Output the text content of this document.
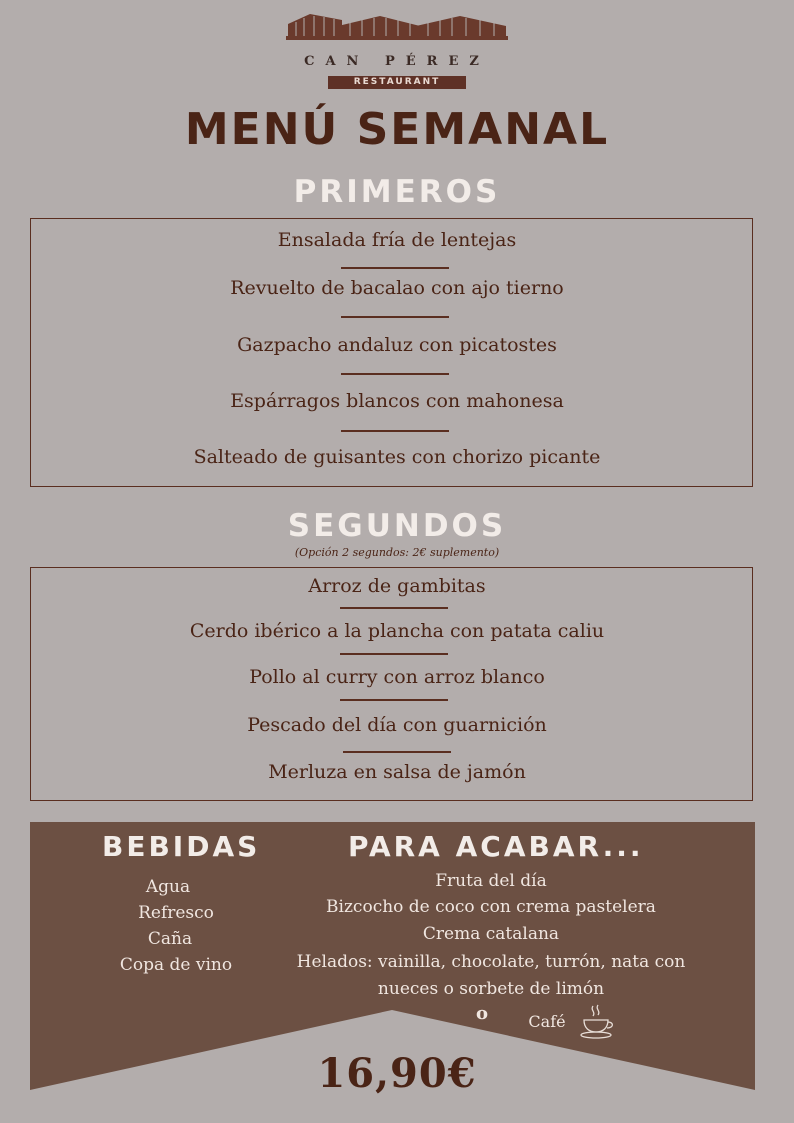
CAN PÉREZ
RESTAURANT
MENÚ SEMANAL
PRIMEROS
Ensalada fría de lentejas
Revuelto de bacalao con ajo tierno
Gazpacho andaluz con picatostes
Espárragos blancos con mahonesa
Salteado de guisantes con chorizo picante
SEGUNDOS
(Opción 2 segundos: 2€ suplemento)
Arroz de gambitas
Cerdo ibérico a la plancha con patata caliu
Pollo al curry con arroz blanco
Pescado del día con guarnición
Merluza en salsa de jamón
BEBIDAS
Agua
Refresco
Caña
Copa de vino
PARA ACABAR...
Fruta del día
Bizcocho de coco con crema pastelera
Crema catalana
Helados: vainilla, chocolate, turrón, nata con
nueces o sorbete de limón
o	Café
16,90€
